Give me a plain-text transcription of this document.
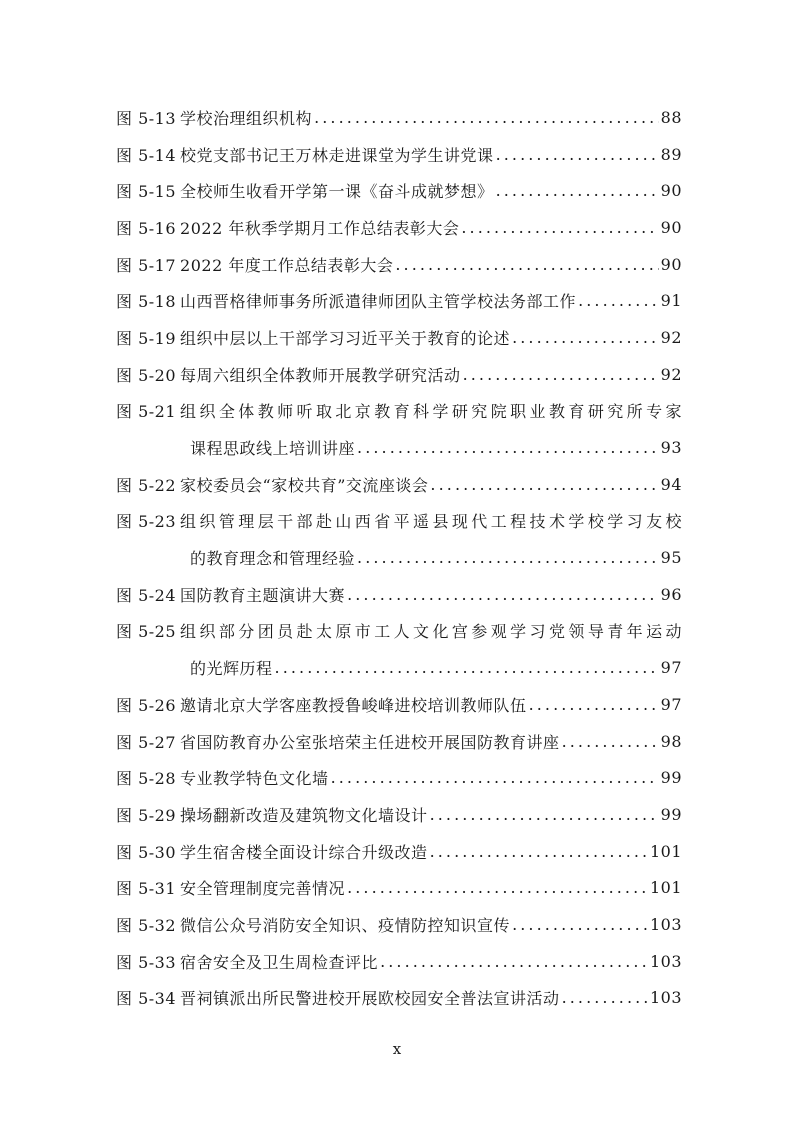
图 5-13 学校治理组织机构 . . .	88
图 5-14 校党支部书记王万林走进课堂为学生讲党课 . . .	89
图 5-15 全校师生收看开学第一课《奋斗成就梦想》 . . .	90
图 5-16 2022 年秋季学期月工作总结表彰大会 . . .	90
图 5-17 2022 年度工作总结表彰大会 . . .	90
图 5-18 山西晋格律师事务所派遣律师团队主管学校法务部工作 . . .	91
图 5-19 组织中层以上干部学习习近平关于教育的论述 . . .	92
图 5-20 每周六组织全体教师开展教学研究活动 . . .	92
图 5-21 组织全体教师听取北京教育科学研究院职业教育研究所专家
课程思政线上培训讲座 . . .	93
图 5-22 家校委员会“家校共育”交流座谈会 . . .	94
图 5-23 组织管理层干部赴山西省平遥县现代工程技术学校学习友校
的教育理念和管理经验 . . .	95
图 5-24 国防教育主题演讲大赛 . . .	96
图 5-25 组织部分团员赴太原市工人文化宫参观学习党领导青年运动
的光辉历程 . . .	97
图 5-26 邀请北京大学客座教授鲁峻峰进校培训教师队伍 . . .	97
图 5-27 省国防教育办公室张培荣主任进校开展国防教育讲座 . . .	98
图 5-28 专业教学特色文化墙 . . .	99
图 5-29 操场翻新改造及建筑物文化墙设计 . . .	99
图 5-30 学生宿舍楼全面设计综合升级改造 . . .	101
图 5-31 安全管理制度完善情况 . . .	101
图 5-32 微信公众号消防安全知识、疫情防控知识宣传 . . .	103
图 5-33 宿舍安全及卫生周检查评比 . . .	103
图 5-34 晋祠镇派出所民警进校开展欧校园安全普法宣讲活动 . . .	103
x
